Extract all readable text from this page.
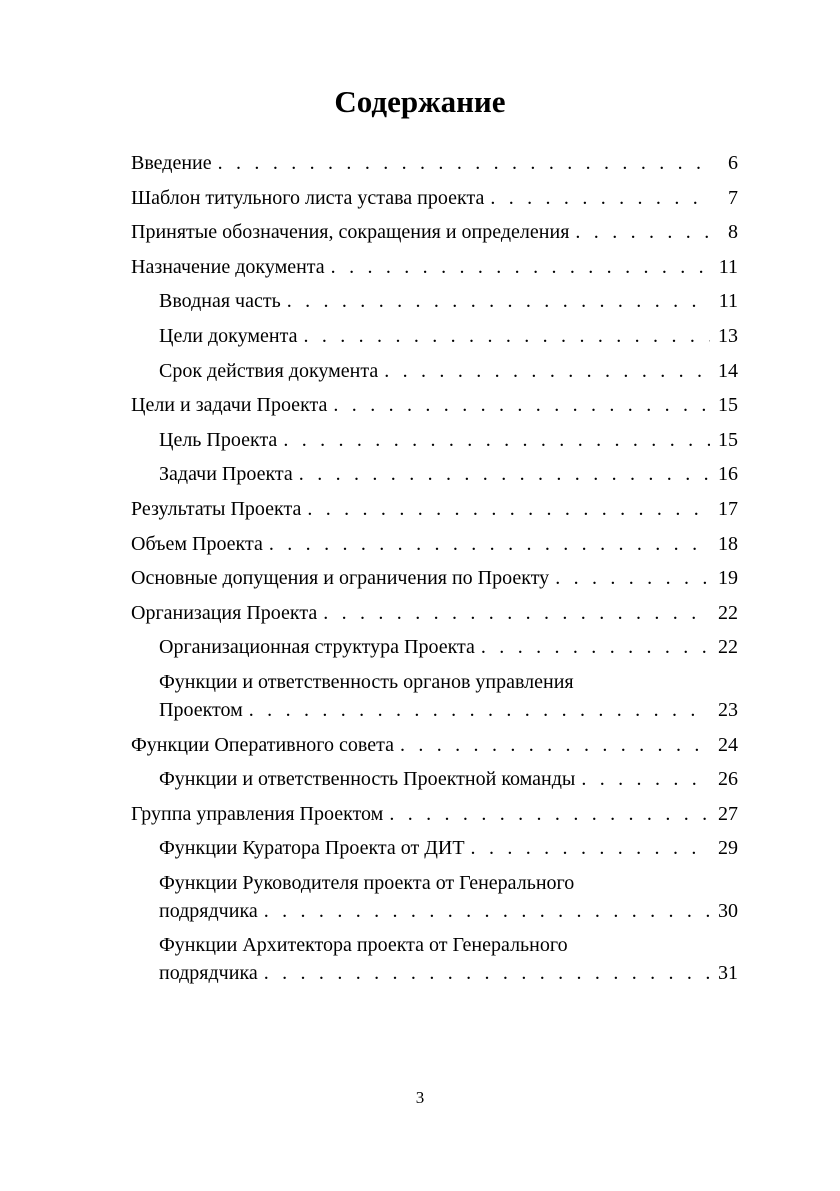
Содержание
Введение . . .	6
Шаблон титульного листа устава проекта . . .	7
Принятые обозначения, сокращения и определения . . .	8
Назначение документа . . .	11
Вводная часть . . .	11
Цели документа . . .	13
Срок действия документа . . .	14
Цели и задачи Проекта . . .	15
Цель Проекта . . .	15
Задачи Проекта . . .	16
Результаты Проекта . . .	17
Объем Проекта . . .	18
Основные допущения и ограничения по Проекту . . .	19
Организация Проекта . . .	22
Организационная структура Проекта . . .	22
Функции и ответственность органов управления
Проектом . . .	23
Функции Оперативного совета . . .	24
Функции и ответственность Проектной команды . . .	26
Группа управления Проектом . . .	27
Функции Куратора Проекта от ДИТ . . .	29
Функции Руководителя проекта от Генерального
подрядчика . . .	30
Функции Архитектора проекта от Генерального
подрядчика . . .	31
3
